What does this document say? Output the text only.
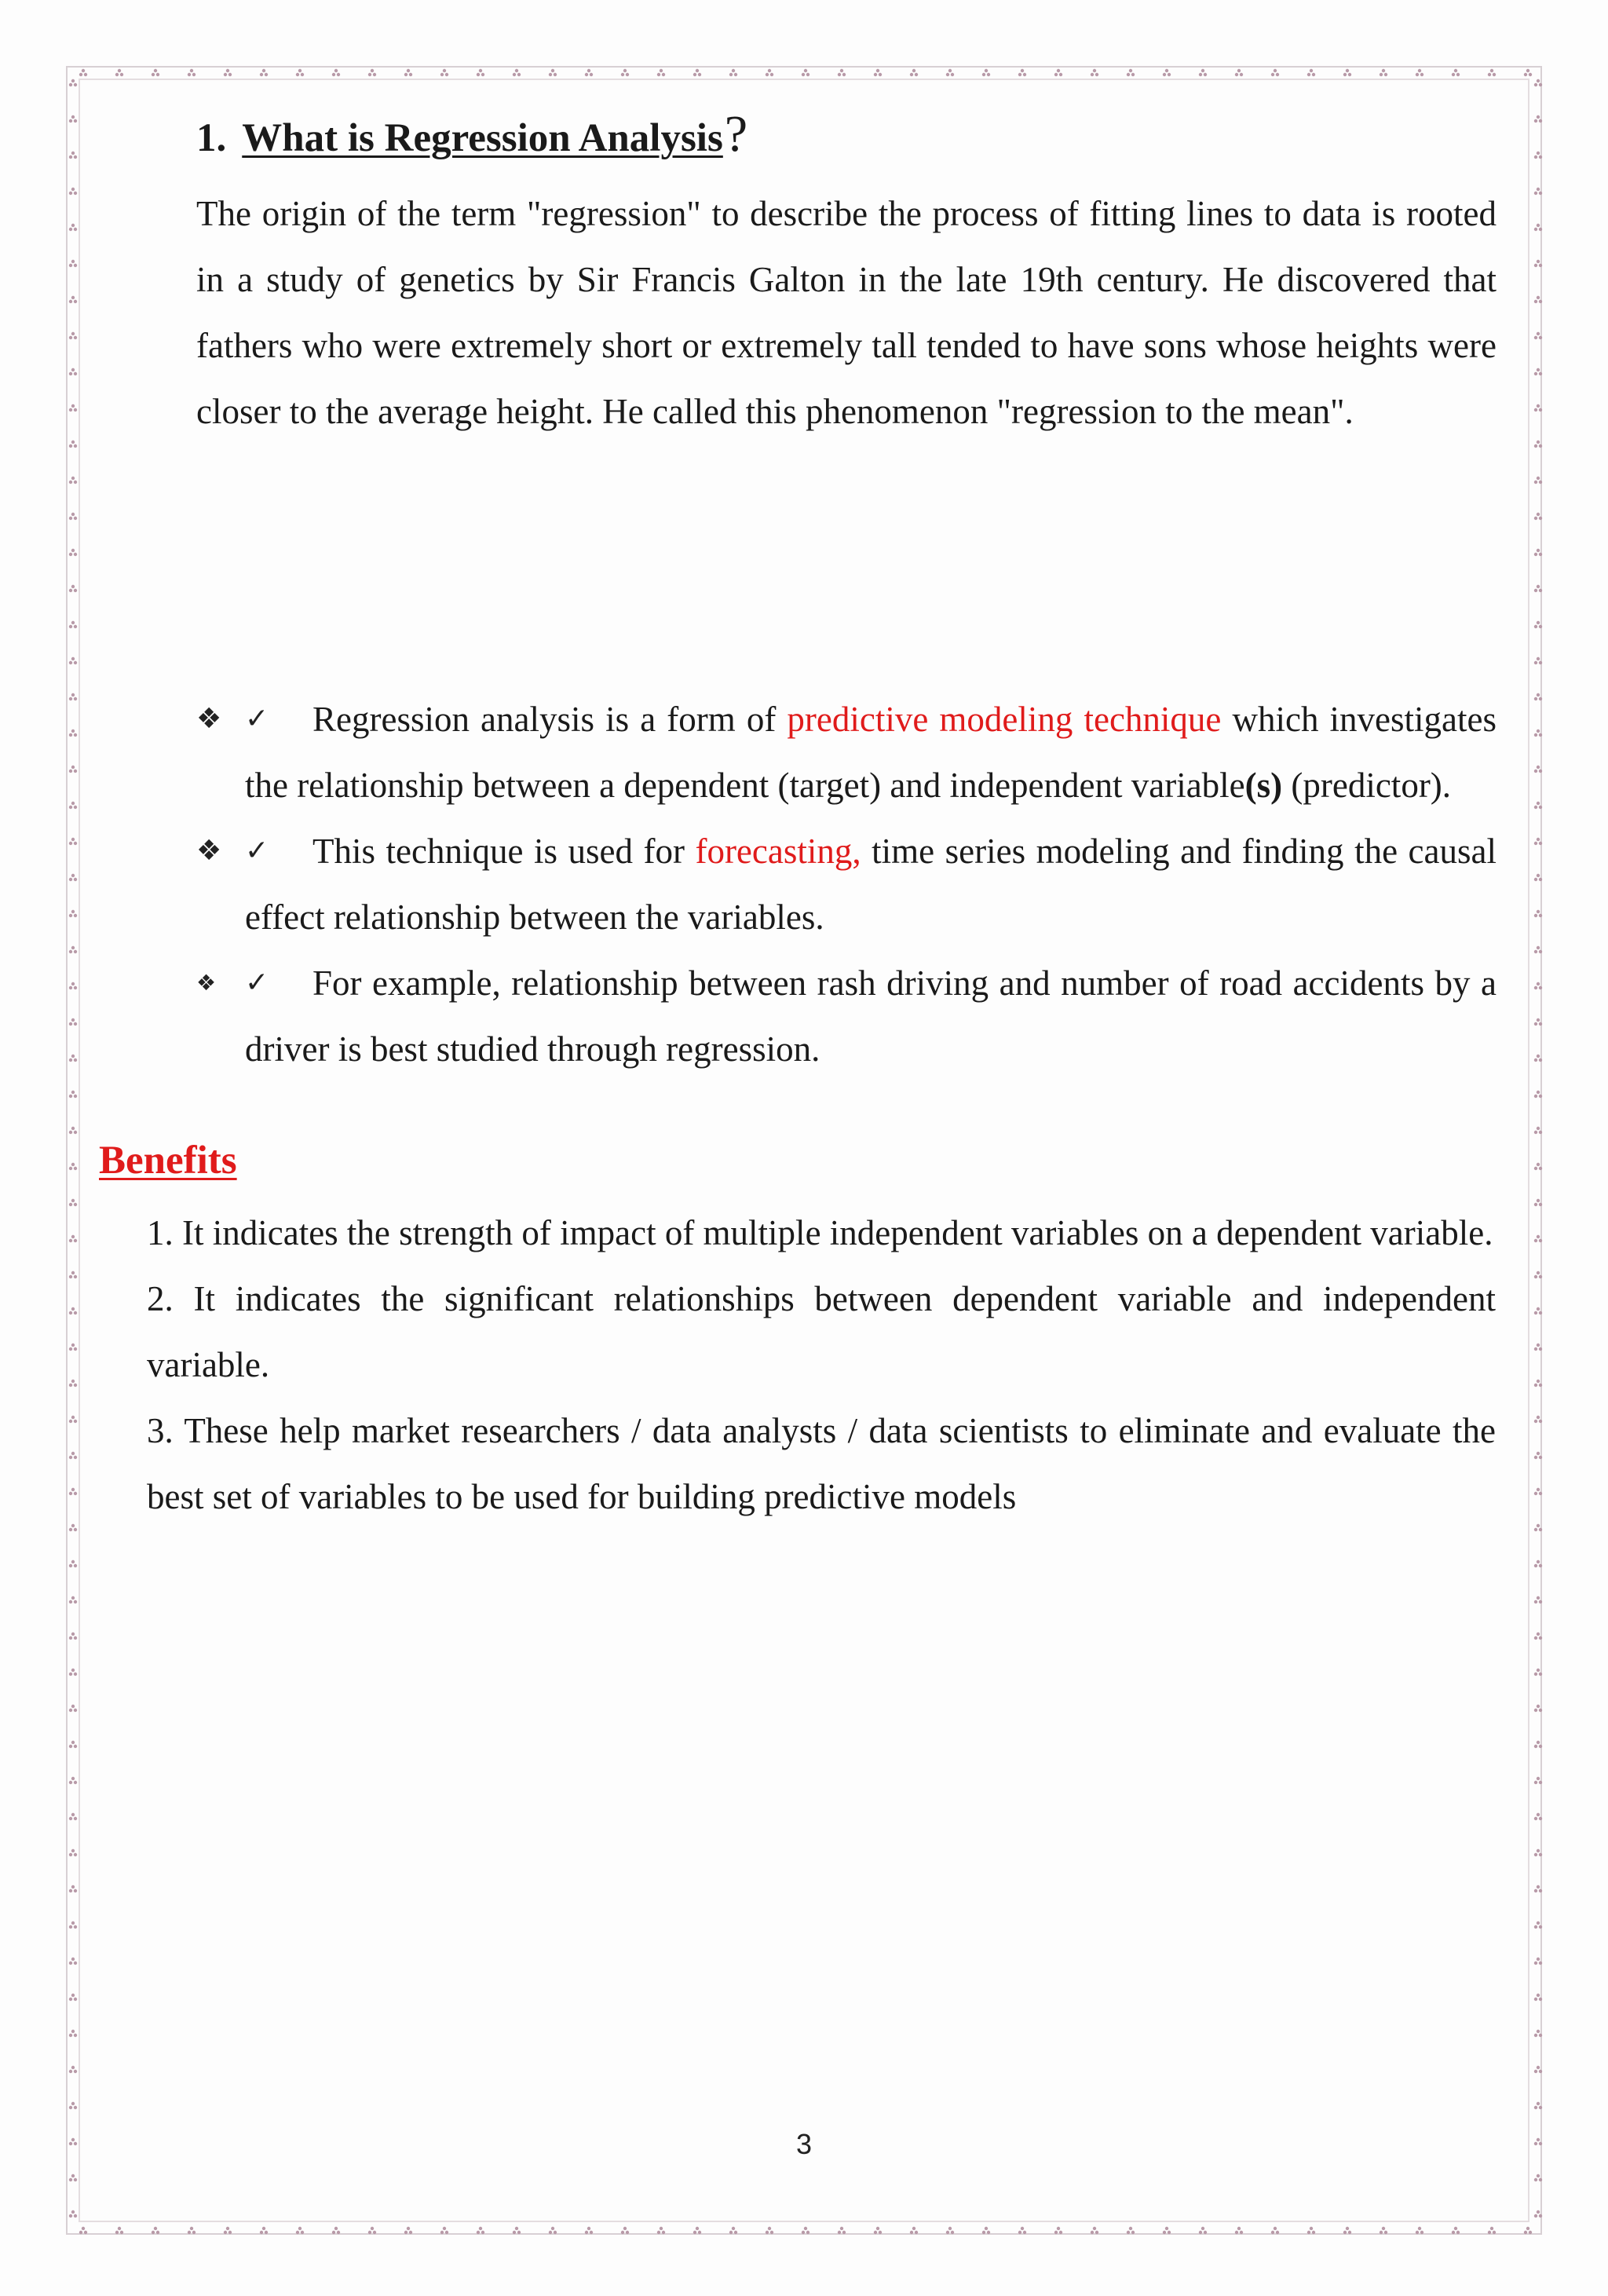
1. What is Regression Analysis?

The origin of the term "regression" to describe the process of fitting lines to data is rooted in a study of genetics by Sir Francis Galton in the late 19th century. He discovered that fathers who were extremely short or extremely tall tended to have sons whose heights were closer to the average height. He called this phenomenon "regression to the mean".

❖ ✓ Regression analysis is a form of predictive modeling technique which investigates the relationship between a dependent (target) and independent variable(s) (predictor).
❖ ✓ This technique is used for forecasting, time series modeling and finding the causal effect relationship between the variables.
❖	✓ For example, relationship between rash driving and number of road accidents by a driver is best studied through regression.
Benefits
1. It indicates the strength of impact of multiple independent variables on a dependent variable.
2. It indicates the significant relationships between dependent variable and independent variable.
3. These help market researchers / data analysts / data scientists to eliminate and evaluate the best set of variables to be used for building predictive models
3
